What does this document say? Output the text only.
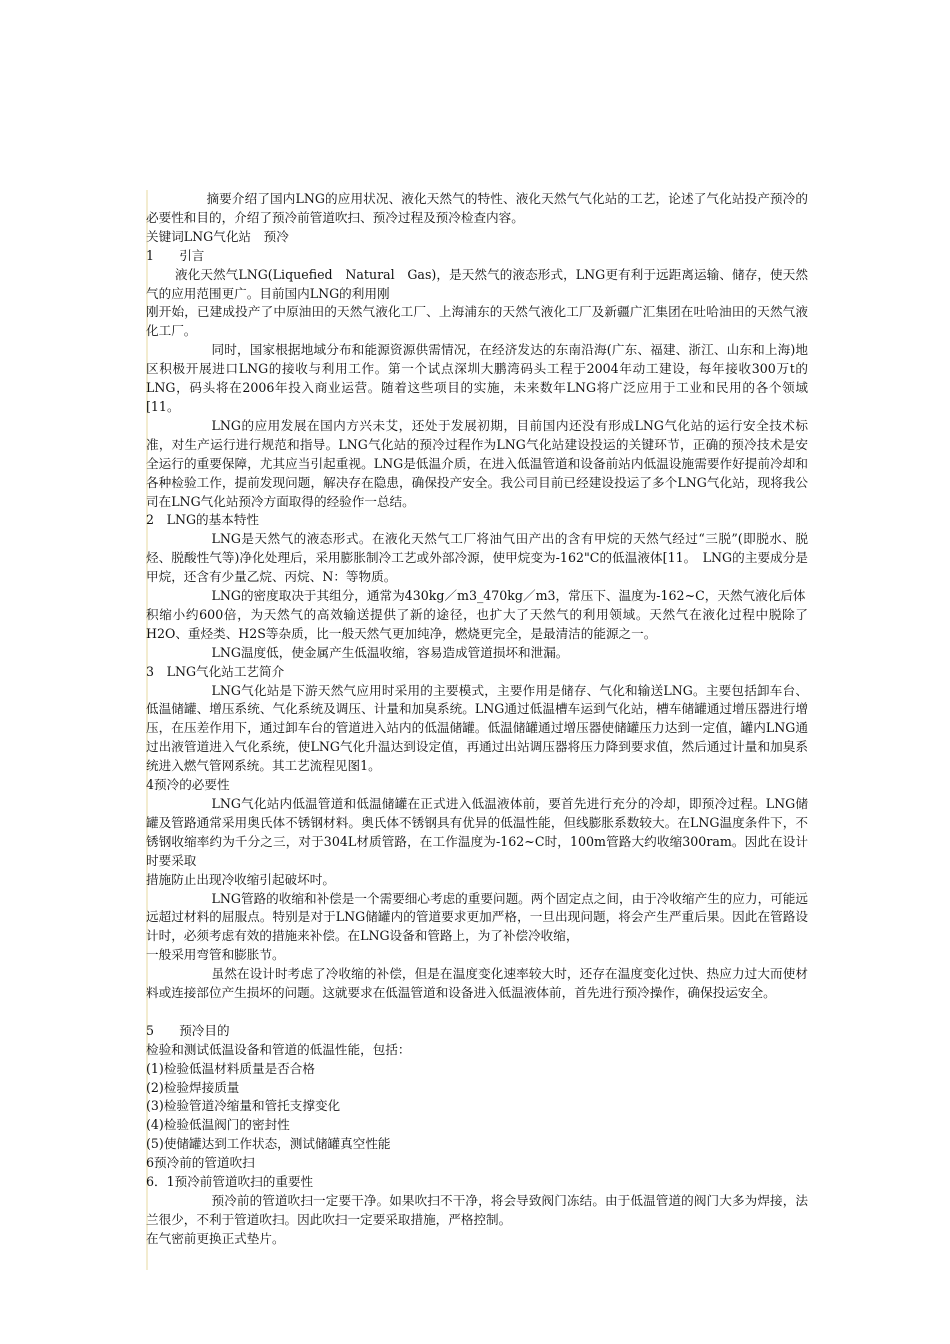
摘要介绍了国内LNG的应用状况、液化天然气的特性、液化天然气气化站的工艺，论述了气化站投产预冷的必要性和目的，介绍了预冷前管道吹扫、预冷过程及预冷检查内容。

关键词LNG气化站　预冷
1　　引言

液化天然气LNG(Liquefied　Natural　Gas)，是天然气的液态形式，LNG更有利于远距离运输、储存，使天然气的应用范围更广。目前国内LNG的利用刚

刚开始，已建成投产了中原油田的天然气液化工厂、上海浦东的天然气液化工厂及新疆广汇集团在吐哈油田的天然气液化工厂。

同时，国家根据地域分布和能源资源供需情况，在经济发达的东南沿海(广东、福建、浙江、山东和上海)地区积极开展进口LNG的接收与利用工作。第一个试点深圳大鹏湾码头工程于2004年动工建设，每年接收300万t的LNG，码头将在2006年投入商业运营。随着这些项目的实施，未来数年LNG将广泛应用于工业和民用的各个领域[11。

LNG的应用发展在国内方兴未艾，还处于发展初期，目前国内还没有形成LNG气化站的运行安全技术标准，对生产运行进行规范和指导。LNG气化站的预冷过程作为LNG气化站建设投运的关键环节，正确的预冷技术是安全运行的重要保障，尤其应当引起重视。LNG是低温介质，在进入低温管道和设备前站内低温设施需要作好提前冷却和各种检验工作，提前发现问题，解决存在隐患，确保投产安全。我公司目前已经建设投运了多个LNG气化站，现将我公司在LNG气化站预冷方面取得的经验作一总结。

2　LNG的基本特性

LNG是天然气的液态形式。在液化天然气工厂将油气田产出的含有甲烷的天然气经过“三脱”(即脱水、脱烃、脱酸性气等)净化处理后，采用膨胀制冷工艺或外部冷源，使甲烷变为-162"C的低温液体[11。　LNG的主要成分是甲烷，还含有少量乙烷、丙烷、N：等物质。

LNG的密度取决于其组分，通常为430kg／m3_470kg／m3，常压下、温度为-162~C，天然气液化后体

积缩小约600倍，为天然气的高效输送提供了新的途径，也扩大了天然气的利用领域。天然气在液化过程中脱除了H2O、重烃类、H2S等杂质，比一般天然气更加纯净，燃烧更完全，是最清洁的能源之一。

LNG温度低，使金属产生低温收缩，容易造成管道损坏和泄漏。

3　LNG气化站工艺简介

LNG气化站是下游天然气应用时采用的主要模式，主要作用是储存、气化和输送LNG。主要包括卸车台、低温储罐、增压系统、气化系统及调压、计量和加臭系统。LNG通过低温槽车运到气化站，槽车储罐通过增压器进行增压，在压差作用下，通过卸车台的管道进入站内的低温储罐。低温储罐通过增压器使储罐压力达到一定值，罐内LNG通过出液管道进入气化系统，使LNG气化升温达到设定值，再通过出站调压器将压力降到要求值，然后通过计量和加臭系统进入燃气管网系统。其工艺流程见图1。

4预冷的必要性

LNG气化站内低温管道和低温储罐在正式进入低温液体前，要首先进行充分的冷却，即预冷过程。LNG储罐及管路通常采用奥氏体不锈钢材料。奥氏体不锈钢具有优异的低温性能，但线膨胀系数较大。在LNG温度条件下，不锈钢收缩率约为千分之三，对于304L材质管路，在工作温度为-162~C时，100m管路大约收缩300ram。因此在设计时要采取

措施防止出现冷收缩引起破坏吋。

LNG管路的收缩和补偿是一个需要细心考虑的重要问题。两个固定点之间，由于冷收缩产生的应力，可能远远超过材料的屈服点。特别是对于LNG储罐内的管道要求更加严格，一旦出现问题，将会产生严重后果。因此在管路设计时，必须考虑有效的措施来补偿。在LNG设备和管路上，为了补偿冷收缩，

一般采用弯管和膨胀节。

虽然在设计时考虑了冷收缩的补偿，但是在温度变化速率较大时，还存在温度变化过快、热应力过大而使材料或连接部位产生损坏的问题。这就要求在低温管道和设备进入低温液体前，首先进行预冷操作，确保投运安全。

5　　预冷目的
检验和测试低温设备和管道的低温性能，包括：
(1)检验低温材料质量是否合格
(2)检验焊接质量
(3)检验管道冷缩量和管托支撑变化
(4)检验低温阀门的密封性
(5)使储罐达到工作状态，测试储罐真空性能
6预冷前的管道吹扫
6．1预冷前管道吹扫的重要性

预冷前的管道吹扫一定要干净。如果吹扫不干净，将会导致阀门冻结。由于低温管道的阀门大多为焊接，法兰很少，不利于管道吹扫。因此吹扫一定要采取措施，严格控制。

在气密前更换正式垫片。
